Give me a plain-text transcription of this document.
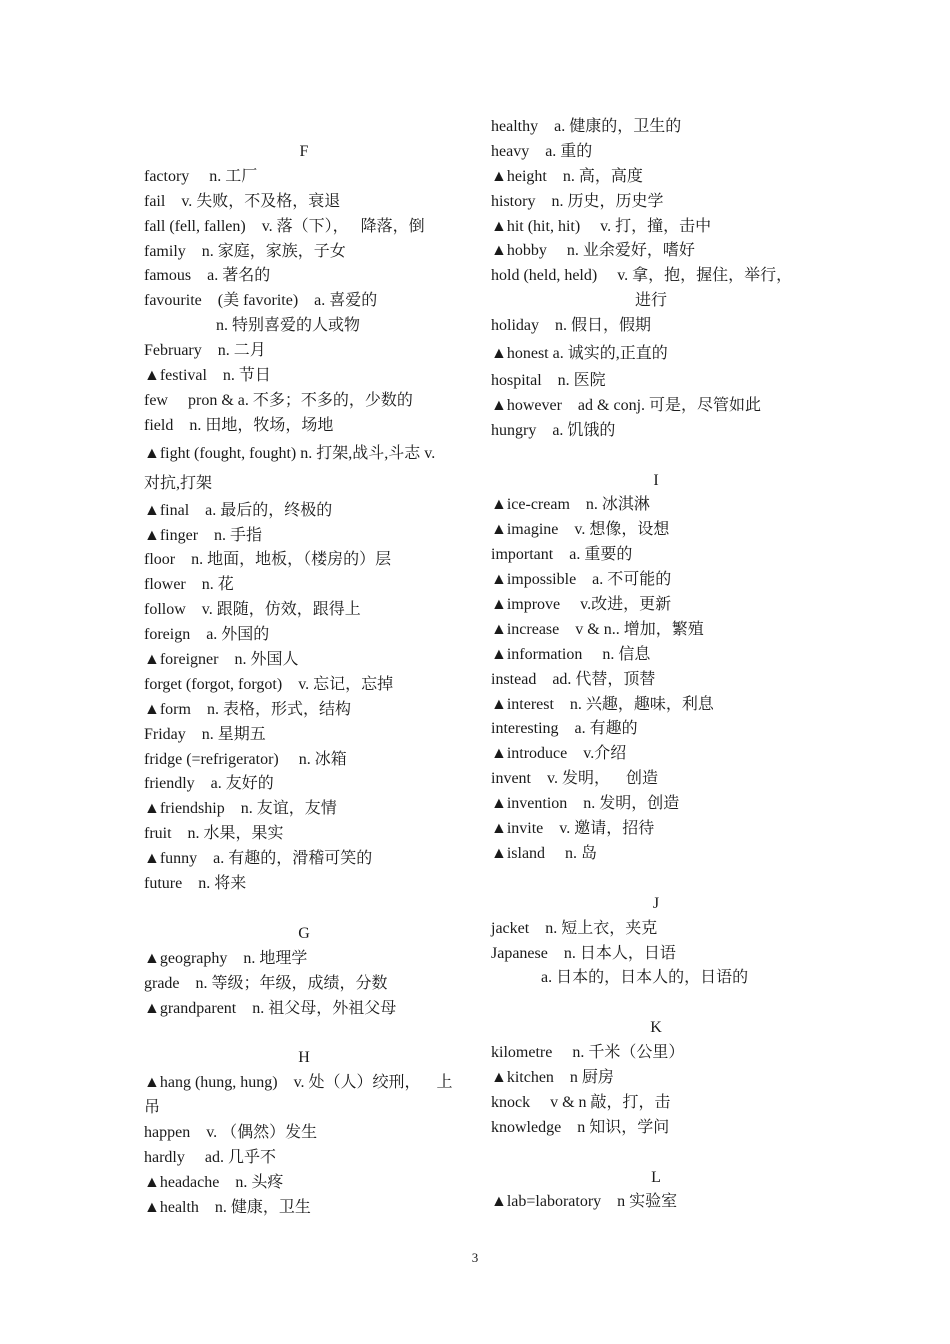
F
factory  n. 工厂
fail v. 失败，不及格，衰退
fall (fell, fallen) v. 落（下），  降落，倒
family n. 家庭，家族，子女
famous a. 著名的
favourite (美 favorite) a. 喜爱的
n. 特别喜爱的人或物
February n. 二月
▲festival n. 节日
few  pron & a. 不多；不多的，少数的
field n. 田地，牧场，场地
▲fight (fought, fought) n. 打架,战斗,斗志 v.
对抗,打架
▲final a. 最后的，终极的
▲finger n. 手指
floor n. 地面，地板，（楼房的）层
flower n. 花
follow v. 跟随，仿效，跟得上
foreign a. 外国的
▲foreigner n. 外国人
forget (forgot, forgot) v. 忘记，忘掉
▲form n. 表格，形式，结构
Friday n. 星期五
fridge (=refrigerator)  n. 冰箱
friendly a. 友好的
▲friendship n. 友谊，友情
fruit n. 水果，果实
▲funny a. 有趣的，滑稽可笑的
future n. 将来
G
▲geography n. 地理学
grade n. 等级；年级，成绩，分数
▲grandparent n. 祖父母，外祖父母
H
▲hang (hung, hung) v. 处（人）绞刑， 上
吊
happen v. （偶然）发生
hardly  ad. 几乎不
▲headache n. 头疼
▲health n. 健康，卫生
healthy a. 健康的，卫生的
heavy a. 重的
▲height n. 高，高度
history n. 历史，历史学
▲hit (hit, hit)  v. 打，撞，击中
▲hobby  n. 业余爱好，嗜好
hold (held, held)  v. 拿，抱，握住，举行，
进行
holiday n. 假日，假期
▲honest a. 诚实的,正直的
hospital n. 医院
▲however ad & conj. 可是，尽管如此
hungry a. 饥饿的
I
▲ice-cream n. 冰淇淋
▲imagine v. 想像，设想
important a. 重要的
▲impossible a. 不可能的
▲improve  v.改进，更新
▲increase v & n.. 增加，繁殖
▲information  n. 信息
instead ad. 代替，顶替
▲interest n. 兴趣，趣味，利息
interesting a. 有趣的
▲introduce v.介绍
invent v. 发明， 创造
▲invention n. 发明，创造
▲invite v. 邀请，招待
▲island  n. 岛
J
jacket n. 短上衣，夹克
Japanese n. 日本人，日语
a. 日本的，日本人的，日语的
K
kilometre  n. 千米（公里）
▲kitchen n 厨房
knock  v & n 敲，打，击
knowledge n 知识，学问
L
▲lab=laboratory n 实验室
3
